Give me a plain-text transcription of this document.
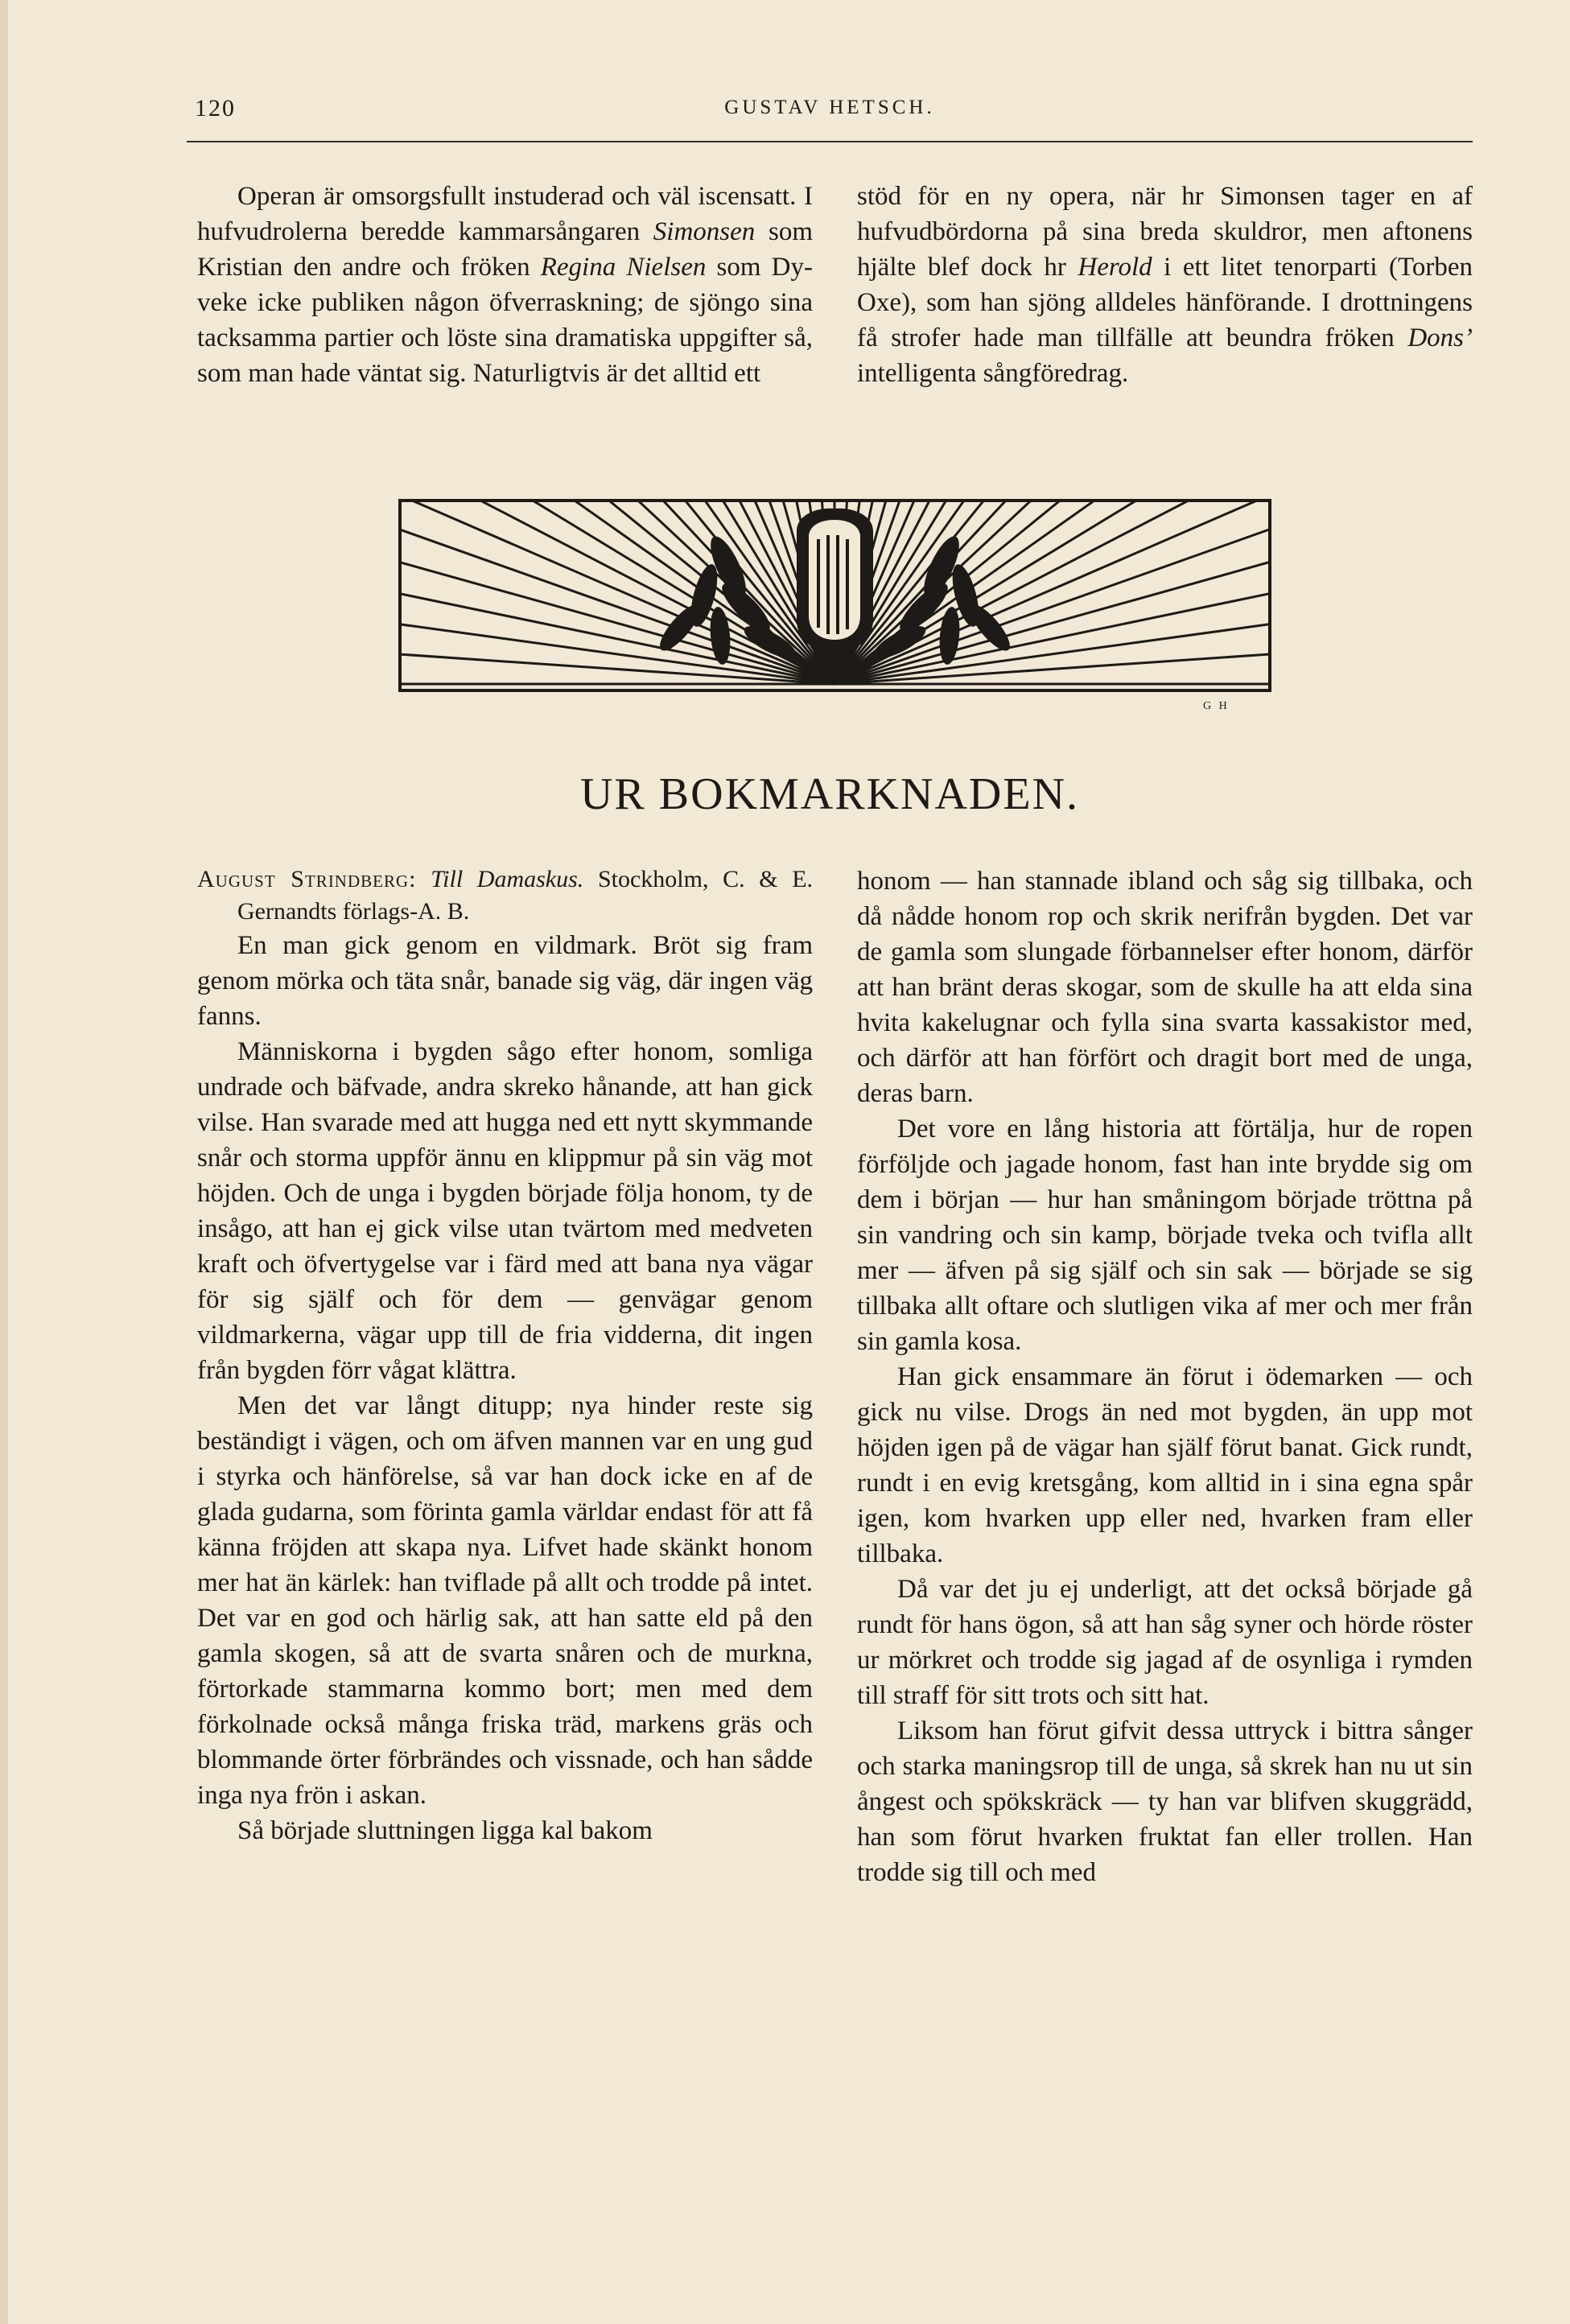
120	GUSTAV HETSCH.

Operan är omsorgsfullt instuderad och väl iscensatt. I hufvudrolerna beredde kammarsångaren Simonsen som Kristian den andre och fröken Regina Nielsen som Dyveke icke publiken någon öfverraskning; de sjöngo sina tacksamma partier och löste sina dramatiska uppgifter så, som man hade väntat sig. Naturligtvis är det alltid ett

stöd för en ny opera, när hr Simonsen tager en af hufvudbördorna på sina breda skuldror, men aftonens hjälte blef dock hr Herold i ett litet tenorparti (Torben Oxe), som han sjöng alldeles hänförande. I drottningens få strofer hade man tillfälle att beundra fröken Dons’ intelligenta sångföredrag.

G H
UR BOKMARKNADEN.

August Strindberg: Till Damaskus. Stockholm, C. & E. Gernandts förlags-A. B.

En man gick genom en vildmark. Bröt sig fram genom mörka och täta snår, banade sig väg, där ingen väg fanns.

Människorna i bygden sågo efter honom, somliga undrade och bäfvade, andra skreko hånande, att han gick vilse. Han svarade med att hugga ned ett nytt skymmande snår och storma uppför ännu en klippmur på sin väg mot höjden. Och de unga i bygden började följa honom, ty de insågo, att han ej gick vilse utan tvärtom med medveten kraft och öfvertygelse var i färd med att bana nya vägar för sig själf och för dem — genvägar genom vildmarkerna, vägar upp till de fria vidderna, dit ingen från bygden förr vågat klättra.

Men det var långt ditupp; nya hinder reste sig beständigt i vägen, och om äfven mannen var en ung gud i styrka och hänförelse, så var han dock icke en af de glada gudarna, som förinta gamla världar endast för att få känna fröjden att skapa nya. Lifvet hade skänkt honom mer hat än kärlek: han tviflade på allt och trodde på intet. Det var en god och härlig sak, att han satte eld på den gamla skogen, så att de svarta snåren och de murkna, förtorkade stammarna kommo bort; men med dem förkolnade också många friska träd, markens gräs och blommande örter förbrändes och vissnade, och han sådde inga nya frön i askan.

Så började sluttningen ligga kal bakom

honom — han stannade ibland och såg sig tillbaka, och då nådde honom rop och skrik nerifrån bygden. Det var de gamla som slungade förbannelser efter honom, därför att han bränt deras skogar, som de skulle ha att elda sina hvita kakelugnar och fylla sina svarta kassakistor med, och därför att han förfört och dragit bort med de unga, deras barn.

Det vore en lång historia att förtälja, hur de ropen förföljde och jagade honom, fast han inte brydde sig om dem i början — hur han småningom började tröttna på sin vandring och sin kamp, började tveka och tvifla allt mer — äfven på sig själf och sin sak — började se sig tillbaka allt oftare och slutligen vika af mer och mer från sin gamla kosa.

Han gick ensammare än förut i ödemarken — och gick nu vilse. Drogs än ned mot bygden, än upp mot höjden igen på de vägar han själf förut banat. Gick rundt, rundt i en evig kretsgång, kom alltid in i sina egna spår igen, kom hvarken upp eller ned, hvarken fram eller tillbaka.

Då var det ju ej underligt, att det också började gå rundt för hans ögon, så att han såg syner och hörde röster ur mörkret och trodde sig jagad af de osynliga i rymden till straff för sitt trots och sitt hat.

Liksom han förut gifvit dessa uttryck i bittra sånger och starka maningsrop till de unga, så skrek han nu ut sin ångest och spökskräck — ty han var blifven skuggrädd, han som förut hvarken fruktat fan eller trollen. Han trodde sig till och med
